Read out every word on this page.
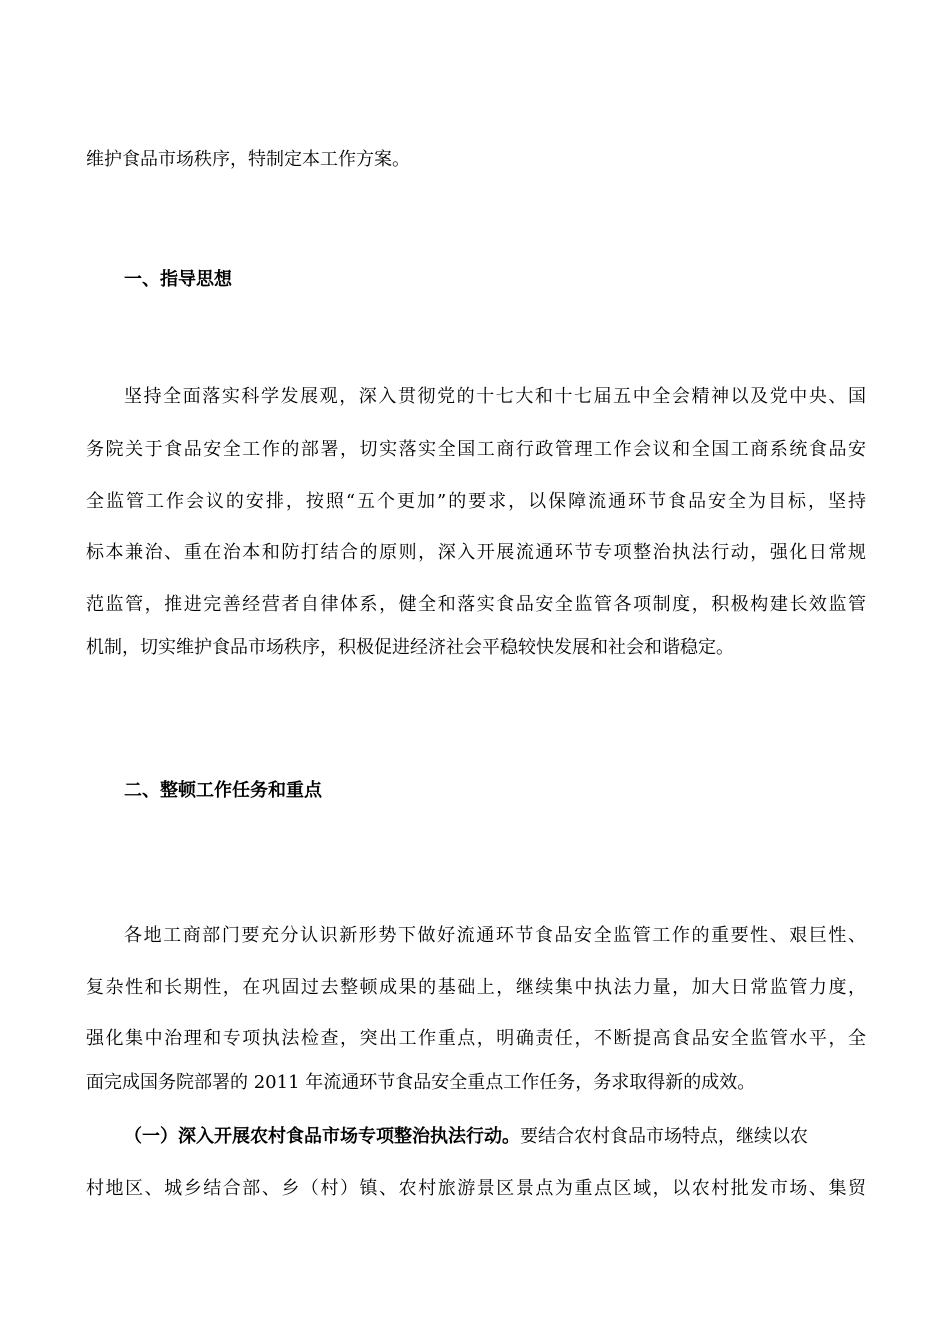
维护食品市场秩序，特制定本工作方案。
一、指导思想
坚持全面落实科学发展观，深入贯彻党的十七大和十七届五中全会精神以及党中央、国
务院关于食品安全工作的部署，切实落实全国工商行政管理工作会议和全国工商系统食品安
全监管工作会议的安排，按照“五个更加”的要求，以保障流通环节食品安全为目标，坚持
标本兼治、重在治本和防打结合的原则，深入开展流通环节专项整治执法行动，强化日常规
范监管，推进完善经营者自律体系，健全和落实食品安全监管各项制度，积极构建长效监管
机制，切实维护食品市场秩序，积极促进经济社会平稳较快发展和社会和谐稳定。
二、整顿工作任务和重点
各地工商部门要充分认识新形势下做好流通环节食品安全监管工作的重要性、艰巨性、
复杂性和长期性，在巩固过去整顿成果的基础上，继续集中执法力量，加大日常监管力度，
强化集中治理和专项执法检查，突出工作重点，明确责任，不断提高食品安全监管水平，全
面完成国务院部署的 2011 年流通环节食品安全重点工作任务，务求取得新的成效。
（一）深入开展农村食品市场专项整治执法行动。要结合农村食品市场特点，继续以农
村地区、城乡结合部、乡（村）镇、农村旅游景区景点为重点区域，以农村批发市场、集贸
